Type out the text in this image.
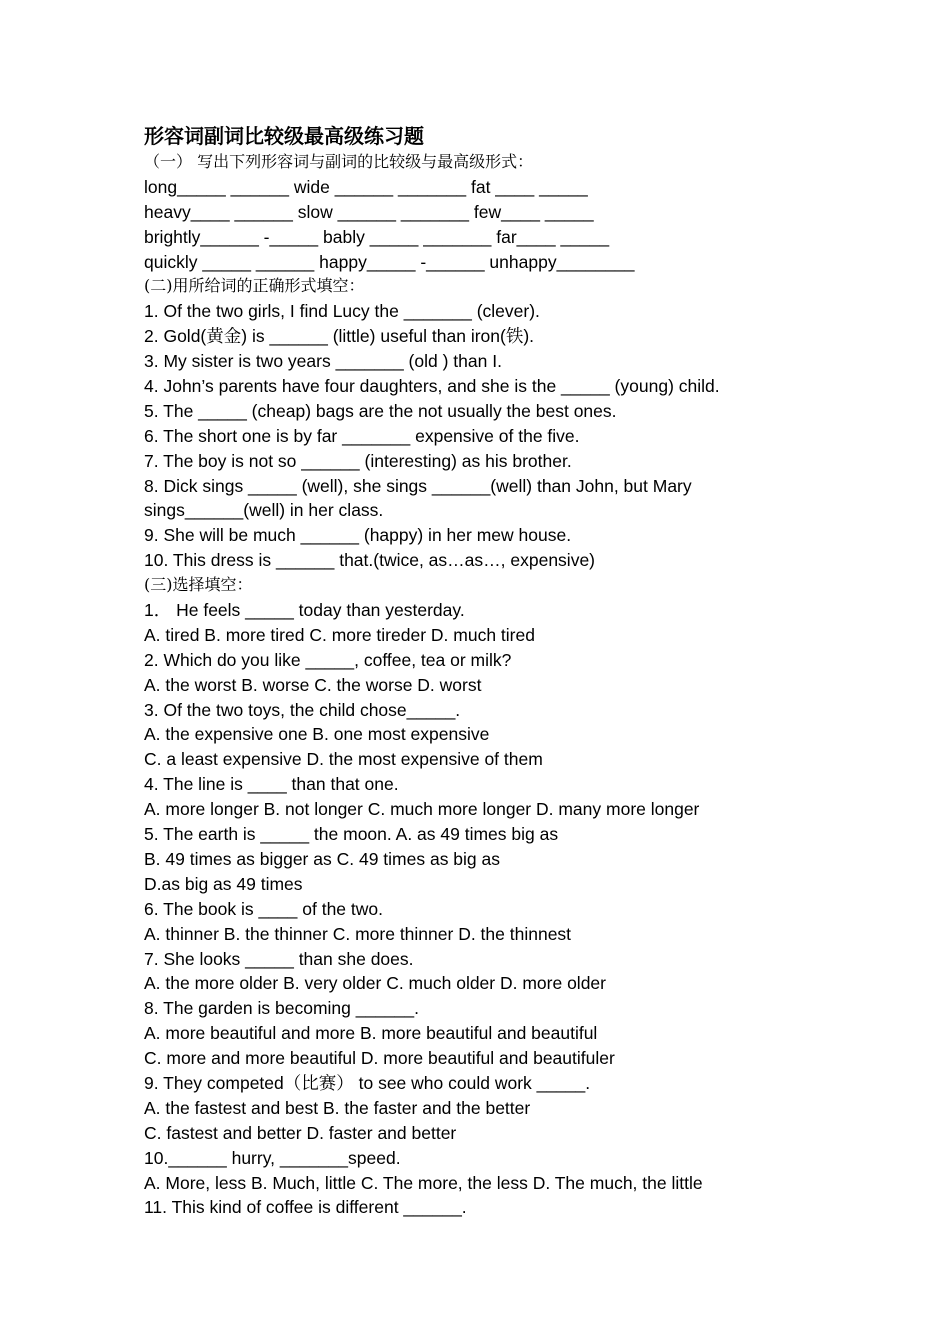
形容词副词比较级最高级练习题
（一） 写出下列形容词与副词的比较级与最高级形式：
long_____ ______ wide ______ _______ fat ____ _____
heavy____ ______ slow ______ _______ few____ _____
brightly______ -_____ bably _____ _______ far____ _____
quickly _____ ______ happy_____ -______ unhappy________
(二)用所给词的正确形式填空：
1. Of the two girls, I find Lucy the _______ (clever).
2. Gold(黄金) is ______ (little) useful than iron(铁).
3. My sister is two years _______ (old ) than I.
4. John’s parents have four daughters, and she is the _____ (young) child.
5. The _____ (cheap) bags are the not usually the best ones.
6. The short one is by far _______ expensive of the five.
7. The boy is not so ______ (interesting) as his brother.
8. Dick sings _____ (well), she sings ______(well) than John, but Mary
sings______(well) in her class.
9. She will be much ______ (happy) in her mew house.
10. This dress is ______ that.(twice, as…as…, expensive)
(三)选择填空：
1． He feels _____ today than yesterday.
A. tired B. more tired C. more tireder D. much tired
2. Which do you like _____, coffee, tea or milk?
A. the worst B. worse C. the worse D. worst
3. Of the two toys, the child chose_____.
A. the expensive one B. one most expensive
C. a least expensive D. the most expensive of them
4. The line is ____ than that one.
A. more longer B. not longer C. much more longer D. many more longer
5. The earth is _____ the moon. A. as 49 times big as
B. 49 times as bigger as C. 49 times as big as
D.as big as 49 times
6. The book is ____ of the two.
A. thinner B. the thinner C. more thinner D. the thinnest
7. She looks _____ than she does.
A. the more older B. very older C. much older D. more older
8. The garden is becoming ______.
A. more beautiful and more B. more beautiful and beautiful
C. more and more beautiful D. more beautiful and beautifuler
9. They competed（比赛） to see who could work _____.
A. the fastest and best B. the faster and the better
C. fastest and better D. faster and better
10.______ hurry, _______speed.
A. More, less B. Much, little C. The more, the less D. The much, the little
11. This kind of coffee is different ______.
